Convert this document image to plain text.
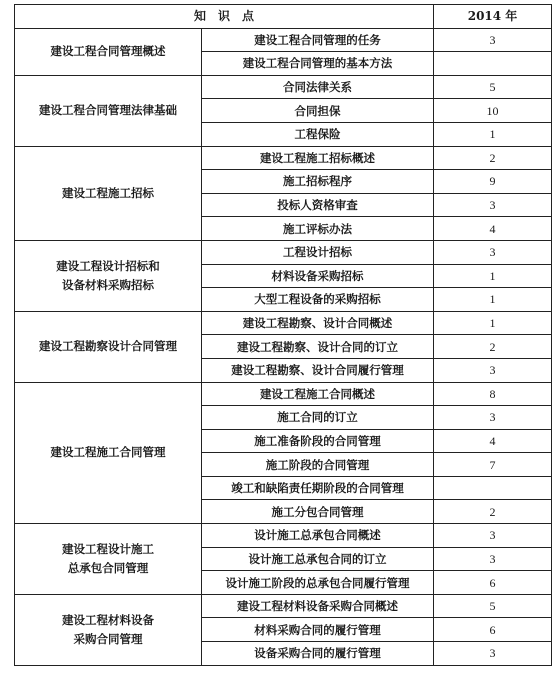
知　识　点		2014 年
建设工程合同管理概述	建设工程合同管理的任务	3
	建设工程合同管理的基本方法	
建设工程合同管理法律基础	合同法律关系	5
	合同担保	10
	工程保险	1
建设工程施工招标	建设工程施工招标概述	2
	施工招标程序	9
	投标人资格审查	3
	施工评标办法	4
建设工程设计招标和
设备材料采购招标	工程设计招标	3
	材料设备采购招标	1
	大型工程设备的采购招标	1
建设工程勘察设计合同管理	建设工程勘察、设计合同概述	1
	建设工程勘察、设计合同的订立	2
	建设工程勘察、设计合同履行管理	3
建设工程施工合同管理	建设工程施工合同概述	8
	施工合同的订立	3
	施工准备阶段的合同管理	4
	施工阶段的合同管理	7
	竣工和缺陷责任期阶段的合同管理	
	施工分包合同管理	2
建设工程设计施工
总承包合同管理	设计施工总承包合同概述	3
	设计施工总承包合同的订立	3
	设计施工阶段的总承包合同履行管理	6
建设工程材料设备
采购合同管理	建设工程材料设备采购合同概述	5
	材料采购合同的履行管理	6
	设备采购合同的履行管理	3
